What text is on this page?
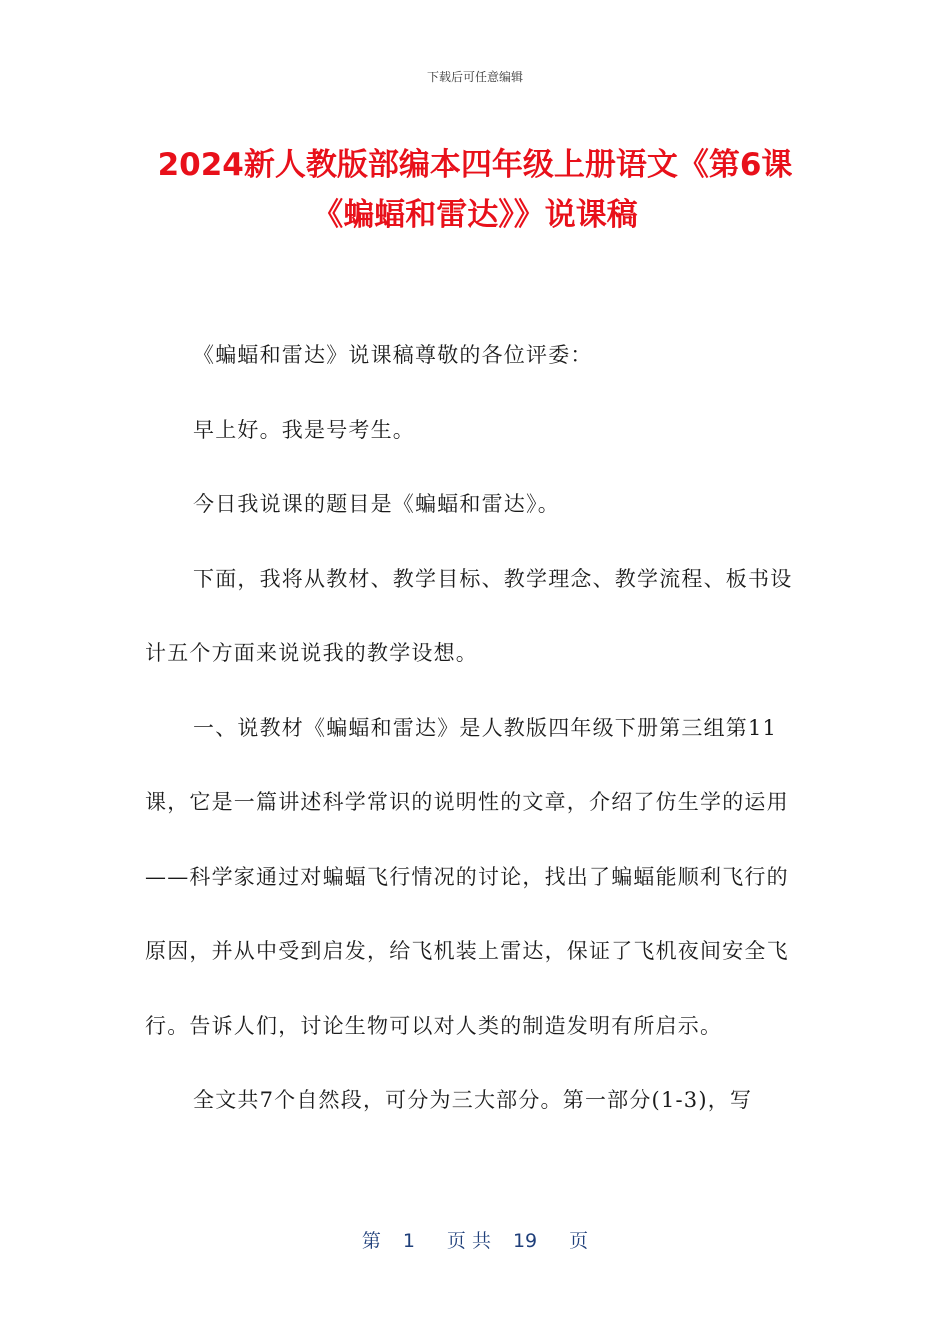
下载后可任意编辑
2024新人教版部编本四年级上册语文《第6课《蝙蝠和雷达》》说课稿

《蝙蝠和雷达》说课稿尊敬的各位评委：

早上好。我是号考生。

今日我说课的题目是《蝙蝠和雷达》。

下面，我将从教材、教学目标、教学理念、教学流程、板书设计五个方面来说说我的教学设想。

一、说教材《蝙蝠和雷达》是人教版四年级下册第三组第11课，它是一篇讲述科学常识的说明性的文章，介绍了仿生学的运用——科学家通过对蝙蝠飞行情况的讨论，找出了蝙蝠能顺利飞行的原因，并从中受到启发，给飞机装上雷达，保证了飞机夜间安全飞行。告诉人们，讨论生物可以对人类的制造发明有所启示。

全文共7个自然段，可分为三大部分。第一部分(1-3)，写

第 1 页 共 19 页
